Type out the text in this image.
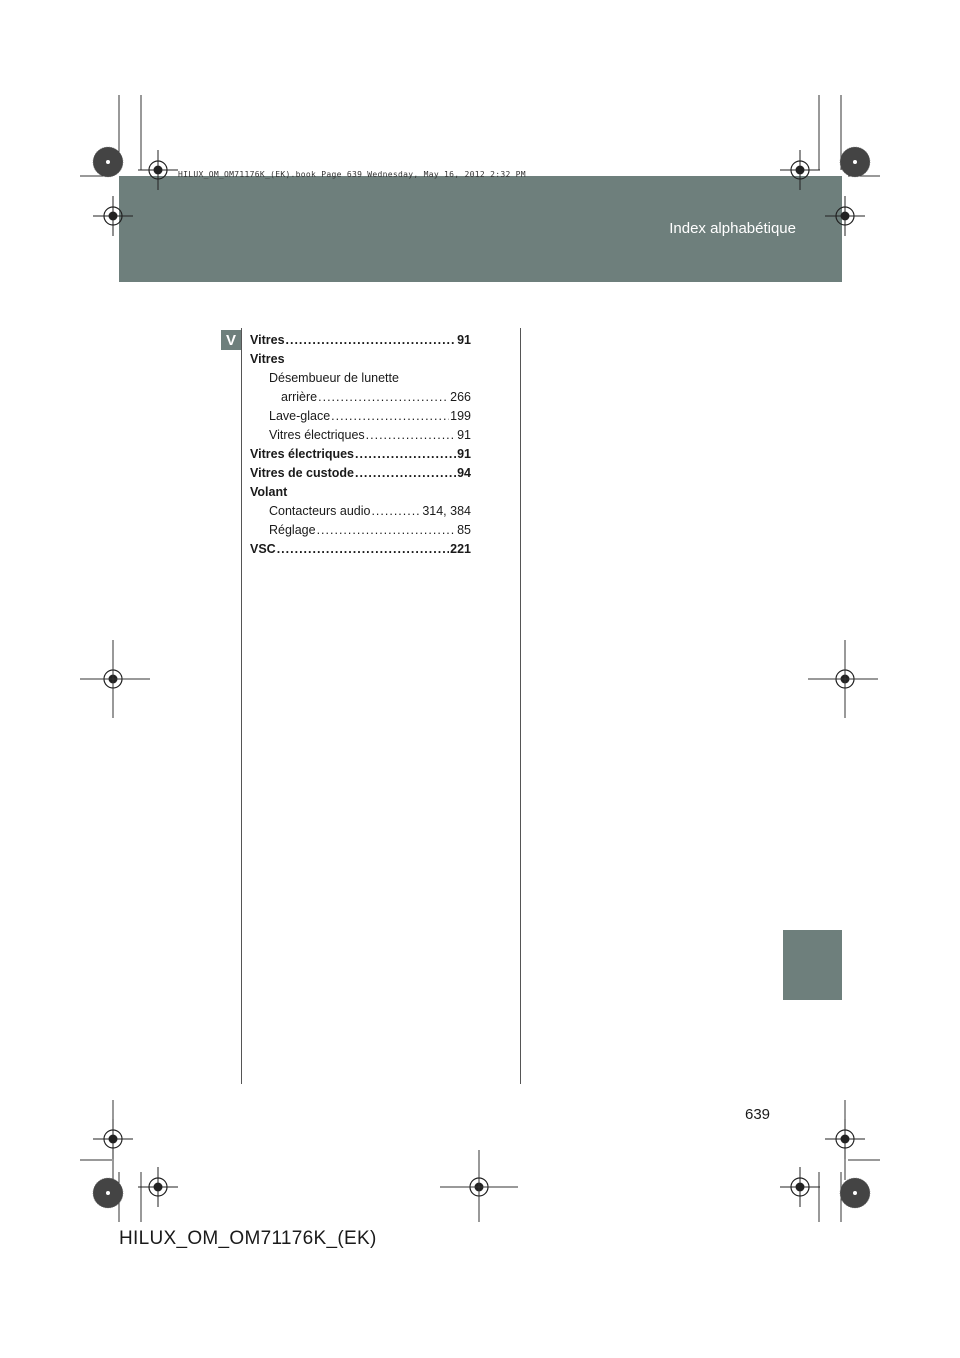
Index alphabétique
HILUX_OM_OM71176K_(EK).book Page 639 Wednesday, May 16, 2012 2:32 PM
V	Vitres .....	91
Vitres
Désembueur de lunette
arrière .....	266
Lave-glace .....	199
Vitres électriques .....	91
Vitres électriques .....	91
Vitres de custode .....	94
Volant
Contacteurs audio .....	314, 384
Réglage .....	85
VSC .....	221
639
HILUX_OM_OM71176K_(EK)
